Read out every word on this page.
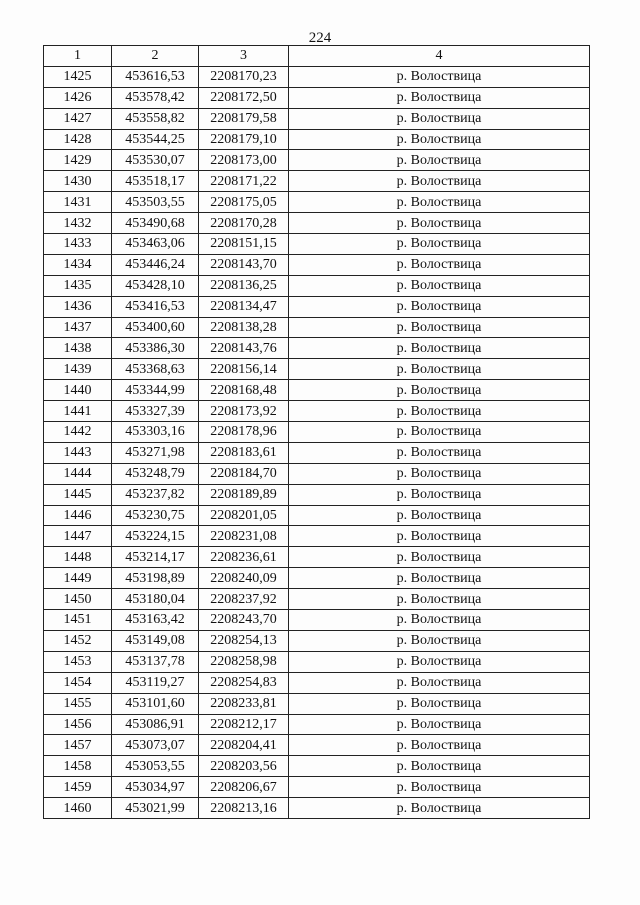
224
1	2	3	4
1425	453616,53	2208170,23	р. Волоствица
1426	453578,42	2208172,50	р. Волоствица
1427	453558,82	2208179,58	р. Волоствица
1428	453544,25	2208179,10	р. Волоствица
1429	453530,07	2208173,00	р. Волоствица
1430	453518,17	2208171,22	р. Волоствица
1431	453503,55	2208175,05	р. Волоствица
1432	453490,68	2208170,28	р. Волоствица
1433	453463,06	2208151,15	р. Волоствица
1434	453446,24	2208143,70	р. Волоствица
1435	453428,10	2208136,25	р. Волоствица
1436	453416,53	2208134,47	р. Волоствица
1437	453400,60	2208138,28	р. Волоствица
1438	453386,30	2208143,76	р. Волоствица
1439	453368,63	2208156,14	р. Волоствица
1440	453344,99	2208168,48	р. Волоствица
1441	453327,39	2208173,92	р. Волоствица
1442	453303,16	2208178,96	р. Волоствица
1443	453271,98	2208183,61	р. Волоствица
1444	453248,79	2208184,70	р. Волоствица
1445	453237,82	2208189,89	р. Волоствица
1446	453230,75	2208201,05	р. Волоствица
1447	453224,15	2208231,08	р. Волоствица
1448	453214,17	2208236,61	р. Волоствица
1449	453198,89	2208240,09	р. Волоствица
1450	453180,04	2208237,92	р. Волоствица
1451	453163,42	2208243,70	р. Волоствица
1452	453149,08	2208254,13	р. Волоствица
1453	453137,78	2208258,98	р. Волоствица
1454	453119,27	2208254,83	р. Волоствица
1455	453101,60	2208233,81	р. Волоствица
1456	453086,91	2208212,17	р. Волоствица
1457	453073,07	2208204,41	р. Волоствица
1458	453053,55	2208203,56	р. Волоствица
1459	453034,97	2208206,67	р. Волоствица
1460	453021,99	2208213,16	р. Волоствица
